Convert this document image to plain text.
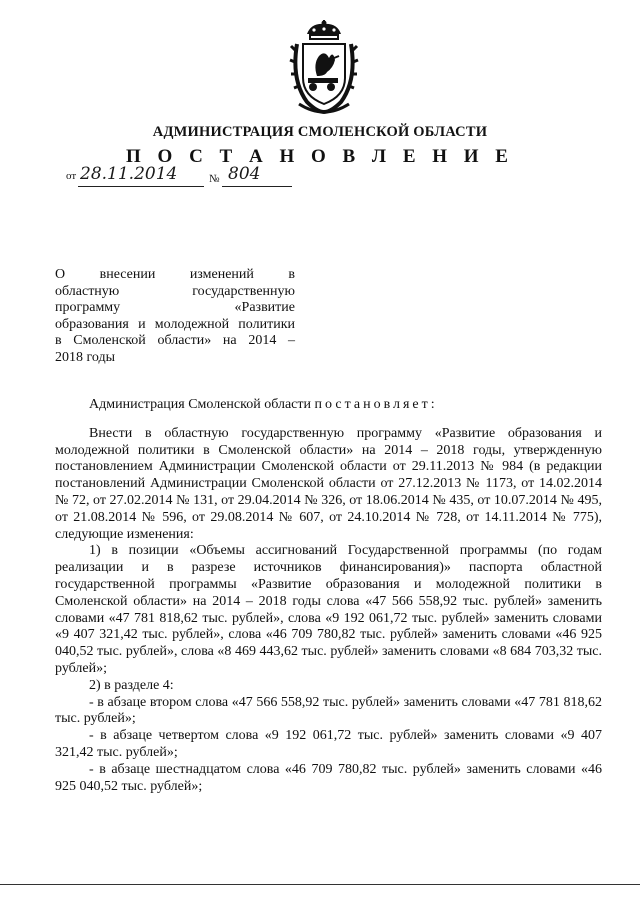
АДМИНИСТРАЦИЯ СМОЛЕНСКОЙ ОБЛАСТИ
П О С Т А Н О В Л Е Н И Е
от 28.11.2014	№ 804
О внесении изменений в
областную государственную
программу «Развитие
образования и молодежной политики
в Смоленской области» на 2014 –
2018 годы

Администрация Смоленской области постановляет:

Внести в областную государственную программу «Развитие образования и молодежной политики в Смоленской области» на 2014 – 2018 годы, утвержденную постановлением Администрации Смоленской области от 29.11.2013 № 984 (в редакции постановлений Администрации Смоленской области от 27.12.2013 № 1173, от 14.02.2014 № 72, от 27.02.2014 № 131, от 29.04.2014 № 326, от 18.06.2014 № 435, от 10.07.2014 № 495, от 21.08.2014 № 596, от 29.08.2014 № 607, от 24.10.2014 № 728, от 14.11.2014 № 775), следующие изменения:

1) в позиции «Объемы ассигнований Государственной программы (по годам реализации и в разрезе источников финансирования)» паспорта областной государственной программы «Развитие образования и молодежной политики в Смоленской области» на 2014 – 2018 годы слова «47 566 558,92 тыс. рублей» заменить словами «47 781 818,62 тыс. рублей», слова «9 192 061,72 тыс. рублей» заменить словами «9 407 321,42 тыс. рублей», слова «46 709 780,82 тыс. рублей» заменить словами «46 925 040,52 тыс. рублей», слова «8 469 443,62 тыс. рублей» заменить словами «8 684 703,32 тыс. рублей»;

2) в разделе 4:

- в абзаце втором слова «47 566 558,92 тыс. рублей» заменить словами «47 781 818,62 тыс. рублей»;

- в абзаце четвертом слова «9 192 061,72 тыс. рублей» заменить словами «9 407 321,42 тыс. рублей»;

- в абзаце шестнадцатом слова «46 709 780,82 тыс. рублей» заменить словами «46 925 040,52 тыс. рублей»;
